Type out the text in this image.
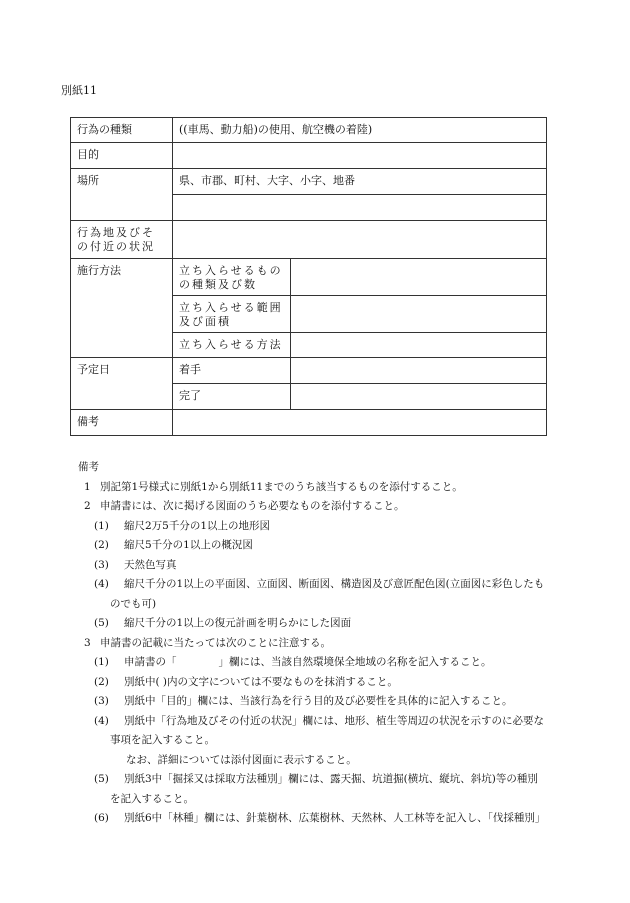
別紙11
行為の種類	((車馬、動力船)の使用、航空機の着陸)	
目的		
場所	県、市郡、町村、大字、小字、地番	

行為地及びその付近の状況		
施行方法	立ち入らせるものの種類及び数	
	立ち入らせる範囲及び面積	
	立ち入らせる方法	
予定日	着手	
	完了	
備考		
備考
1 別記第1号様式に別紙1から別紙11までのうち該当するものを添付すること。
2 申請書には、次に掲げる図面のうち必要なものを添付すること。
(1) 縮尺2万5千分の1以上の地形図
(2) 縮尺5千分の1以上の概況図
(3) 天然色写真
(4) 縮尺千分の1以上の平面図、立面図、断面図、構造図及び意匠配色図(立面図に彩色したも
のでも可)
(5) 縮尺千分の1以上の復元計画を明らかにした図面
3 申請書の記載に当たっては次のことに注意する。
(1) 申請書の「　　　　」欄には、当該自然環境保全地域の名称を記入すること。
(2) 別紙中( )内の文字については不要なものを抹消すること。
(3) 別紙中「目的」欄には、当該行為を行う目的及び必要性を具体的に記入すること。
(4) 別紙中「行為地及びその付近の状況」欄には、地形、植生等周辺の状況を示すのに必要な
事項を記入すること。
なお、詳細については添付図面に表示すること。
(5) 別紙3中「掘採又は採取方法種別」欄には、露天掘、坑道掘(横坑、縦坑、斜坑)等の種別
を記入すること。
(6) 別紙6中「林種」欄には、針葉樹林、広葉樹林、天然林、人工林等を記入し、「伐採種別」
